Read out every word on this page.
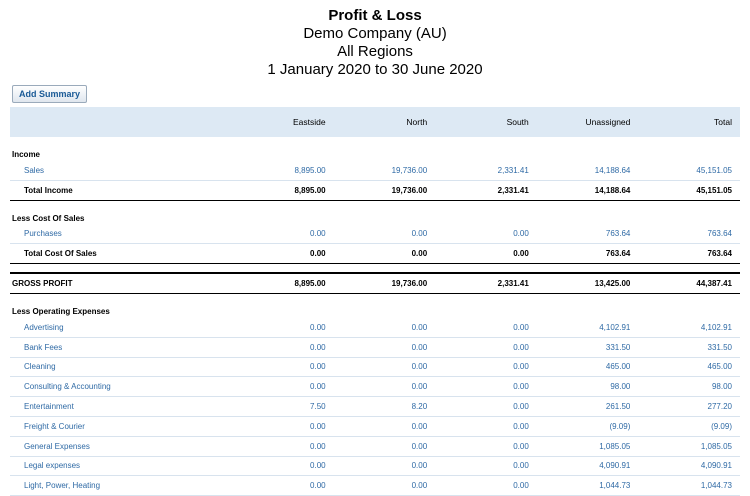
Profit & Loss
Demo Company (AU)
All Regions
1 January 2020 to 30 June 2020
Add Summary
	Eastside	North	South	Unassigned	Total
Income					
Sales	8,895.00	19,736.00	2,331.41	14,188.64	45,151.05
Total Income	8,895.00	19,736.00	2,331.41	14,188.64	45,151.05
Less Cost Of Sales					
Purchases	0.00	0.00	0.00	763.64	763.64
Total Cost Of Sales	0.00	0.00	0.00	763.64	763.64

GROSS PROFIT	8,895.00	19,736.00	2,331.41	13,425.00	44,387.41
Less Operating Expenses					
Advertising	0.00	0.00	0.00	4,102.91	4,102.91
Bank Fees	0.00	0.00	0.00	331.50	331.50
Cleaning	0.00	0.00	0.00	465.00	465.00
Consulting & Accounting	0.00	0.00	0.00	98.00	98.00
Entertainment	7.50	8.20	0.00	261.50	277.20
Freight & Courier	0.00	0.00	0.00	(9.09)	(9.09)
General Expenses	0.00	0.00	0.00	1,085.05	1,085.05
Legal expenses	0.00	0.00	0.00	4,090.91	4,090.91
Light, Power, Heating	0.00	0.00	0.00	1,044.73	1,044.73
